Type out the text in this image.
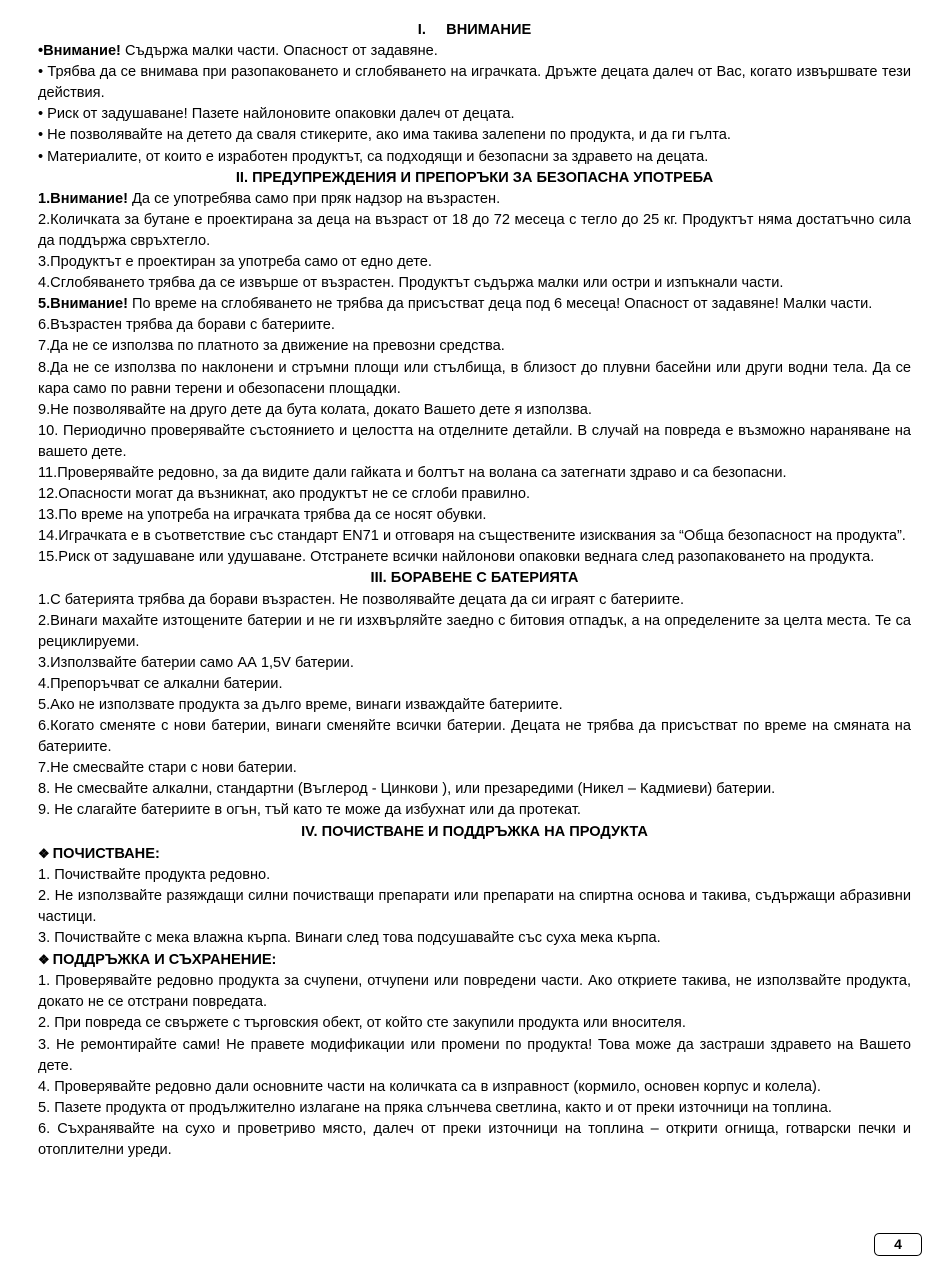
I.     ВНИМАНИЕ

•Внимание! Съдържа малки части. Опасност от задавяне.

• Трябва да се внимава при разопаковането и сглобяването на играчката. Дръжте децата далеч от Вас, когато извършвате тези действия.

• Риск от задушаване! Пазете найлоновите опаковки далеч от децата.

• Не позволявайте на детето да сваля стикерите, ако има такива залепени по продукта, и да ги гълта.

• Материалите, от които е изработен продуктът, са подходящи и безопасни за здравето на децата.

II. ПРЕДУПРЕЖДЕНИЯ И ПРЕПОРЪКИ ЗА БЕЗОПАСНА УПОТРЕБА

1.Внимание! Да се употребява само при пряк надзор на възрастен.

2.Количката за бутане е проектирана за деца на възраст от 18 до 72 месеца с тегло до 25 кг. Продуктът няма достатъчно сила да поддържа свръхтегло.

3.Продуктът е проектиран за употреба само от едно дете.

4.Сглобяването трябва да се извърше от възрастен. Продуктът съдържа малки или остри и изпъкнали части.

5.Внимание! По време на сглобяването не трябва да присъстват деца под 6 месеца! Опасност от задавяне! Малки части.

6.Възрастен трябва да борави с батериите.

7.Да не се използва по платното за движение на превозни средства.

8.Да не се използва по наклонени и стръмни площи или стълбища, в близост до плувни басейни или други водни тела. Да се кара само по равни терени и обезопасени площадки.

9.Не позволявайте на друго дете да бута колата, докато Вашето дете я използва.

10. Периодично проверявайте състоянието и целостта на отделните детайли. В случай на повреда е възможно нараняване на вашето дете.

11.Проверявайте редовно, за да видите дали гайката и болтът на волана са затегнати здраво и са безопасни.

12.Опасности могат да възникнат, ако продуктът не се сглоби правилно.

13.По време на употреба на играчката трябва да се носят обувки.

14.Играчката е в съответствие със стандарт EN71 и отговаря на съществените изисквания за “Обща безопасност на продукта”.

15.Риск от задушаване или удушаване. Отстранете всички найлонови опаковки веднага след разопаковането на продукта.

III. БОРАВЕНЕ С БАТЕРИЯТА

1.С батерията трябва да борави възрастен. Не позволявайте децата да си играят с батериите.

2.Винаги махайте изтощените батерии и не ги изхвърляйте заедно с битовия отпадък, а на определените за целта места. Те са рециклируеми.

3.Използвайте батерии само АА 1,5V батерии.

4.Препоръчват се алкални батерии.

5.Ако не използвате продукта за дълго време, винаги изваждайте батериите.

6.Когато сменяте с нови батерии, винаги сменяйте всички батерии. Децата не трябва да присъстват по време на смяната на батериите.

7.Не смесвайте стари с нови батерии.

8. Не смесвайте алкални, стандартни (Въглерод - Цинкови ), или презаредими (Никел – Кадмиеви) батерии.

9. Не слагайте батериите в огън, тъй като те може да избухнат или да протекат.

IV. ПОЧИСТВАНЕ И ПОДДРЪЖКА НА ПРОДУКТА
❖ ПОЧИСТВАНЕ:

1. Почиствайте продукта редовно.

2. Не използвайте разяждащи силни почистващи препарати или препарати на спиртна основа и такива, съдържащи абразивни частици.

3. Почиствайте с мека влажна кърпа. Винаги след това подсушавайте със суха мека кърпа.

❖ ПОДДРЪЖКА И СЪХРАНЕНИЕ:

1. Проверявайте редовно продукта за счупени, отчупени или повредени части. Ако откриете такива, не използвайте продукта, докато не се отстрани повредата.

2. При повреда се свържете с търговския обект, от който сте закупили продукта или вносителя.

3. Не ремонтирайте сами! Не правете модификации или промени по продукта! Това може да застраши здравето на Вашето дете.

4. Проверявайте редовно дали основните части на количката са в изправност (кормило, основен корпус и колела).

5. Пазете продукта от продължително излагане на пряка слънчева светлина, както и от преки източници на топлина.

6. Съхранявайте на сухо и проветриво място, далеч от преки източници на топлина – открити огнища, готварски печки и отоплителни уреди.

4
